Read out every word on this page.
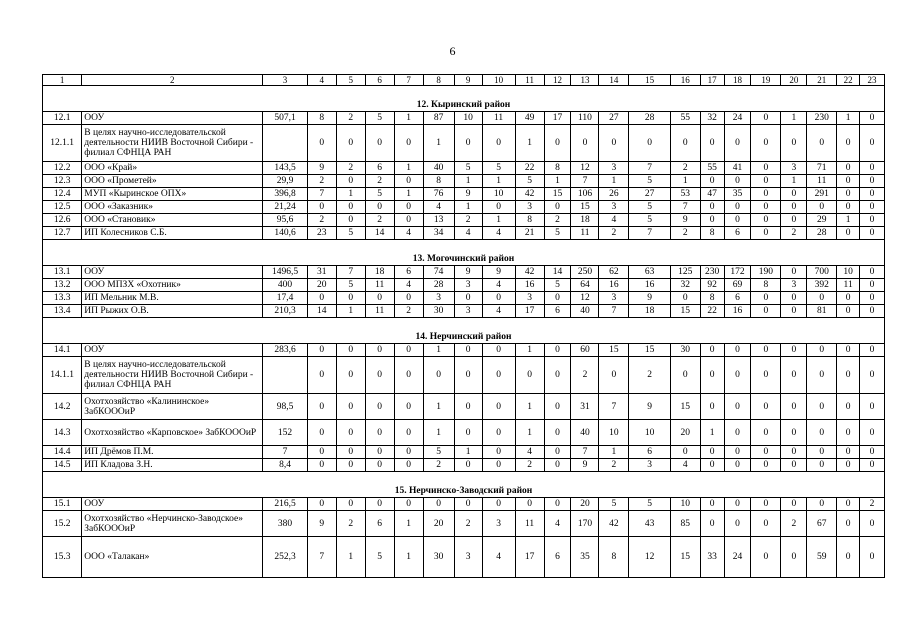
6
1	2	3	4	5	6	7	8	9	10	11	12	13	14	15	16	17	18	19	20	21	22	23
12. Кыринский район																						
12.1	ООУ	507,1	8	2	5	1	87	10	11	49	17	110	27	28	55	32	24	0	1	230	1	0
12.1.1	В целях научно-исследовательской деятельности НИИВ Восточной Сибири - филиал СФНЦА РАН		0	0	0	0	1	0	0	1	0	0	0	0	0	0	0	0	0	0	0	0
12.2	ООО «Край»	143,5	9	2	6	1	40	5	5	22	8	12	3	7	2	55	41	0	3	71	0	0
12.3	ООО «Прометей»	29,9	2	0	2	0	8	1	1	5	1	7	1	5	1	0	0	0	1	11	0	0
12.4	МУП «Кыринское ОПХ»	396,8	7	1	5	1	76	9	10	42	15	106	26	27	53	47	35	0	0	291	0	0
12.5	ООО «Заказник»	21,24	0	0	0	0	4	1	0	3	0	15	3	5	7	0	0	0	0	0	0	0
12.6	ООО «Становик»	95,6	2	0	2	0	13	2	1	8	2	18	4	5	9	0	0	0	0	29	1	0
12.7	ИП Колесников С.Б.	140,6	23	5	14	4	34	4	4	21	5	11	2	7	2	8	6	0	2	28	0	0
13. Могочинский район																						
13.1	ООУ	1496,5	31	7	18	6	74	9	9	42	14	250	62	63	125	230	172	190	0	700	10	0
13.2	ООО МПЗХ «Охотник»	400	20	5	11	4	28	3	4	16	5	64	16	16	32	92	69	8	3	392	11	0
13.3	ИП Мельник М.В.	17,4	0	0	0	0	3	0	0	3	0	12	3	9	0	8	6	0	0	0	0	0
13.4	ИП Рыжих О.В.	210,3	14	1	11	2	30	3	4	17	6	40	7	18	15	22	16	0	0	81	0	0
14. Нерчинский район																						
14.1	ООУ	283,6	0	0	0	0	1	0	0	1	0	60	15	15	30	0	0	0	0	0	0	0
14.1.1	В целях научно-исследовательской деятельности НИИВ Восточной Сибири - филиал СФНЦА РАН		0	0	0	0	0	0	0	0	0	2	0	2	0	0	0	0	0	0	0	0
14.2	Охотхозяйство «Калининское» ЗабКОООиР	98,5	0	0	0	0	1	0	0	1	0	31	7	9	15	0	0	0	0	0	0	0
14.3	Охотхозяйство «Карповское» ЗабКОООиР	152	0	0	0	0	1	0	0	1	0	40	10	10	20	1	0	0	0	0	0	0
14.4	ИП Дрёмов П.М.	7	0	0	0	0	5	1	0	4	0	7	1	6	0	0	0	0	0	0	0	0
14.5	ИП Кладова З.Н.	8,4	0	0	0	0	2	0	0	2	0	9	2	3	4	0	0	0	0	0	0	0
15. Нерчинско-Заводский район																						
15.1	ООУ	216,5	0	0	0	0	0	0	0	0	0	20	5	5	10	0	0	0	0	0	0	2
15.2	Охотхозяйство «Нерчинско-Заводское» ЗабКОООиР	380	9	2	6	1	20	2	3	11	4	170	42	43	85	0	0	0	2	67	0	0
15.3	ООО «Талакан»	252,3	7	1	5	1	30	3	4	17	6	35	8	12	15	33	24	0	0	59	0	0
